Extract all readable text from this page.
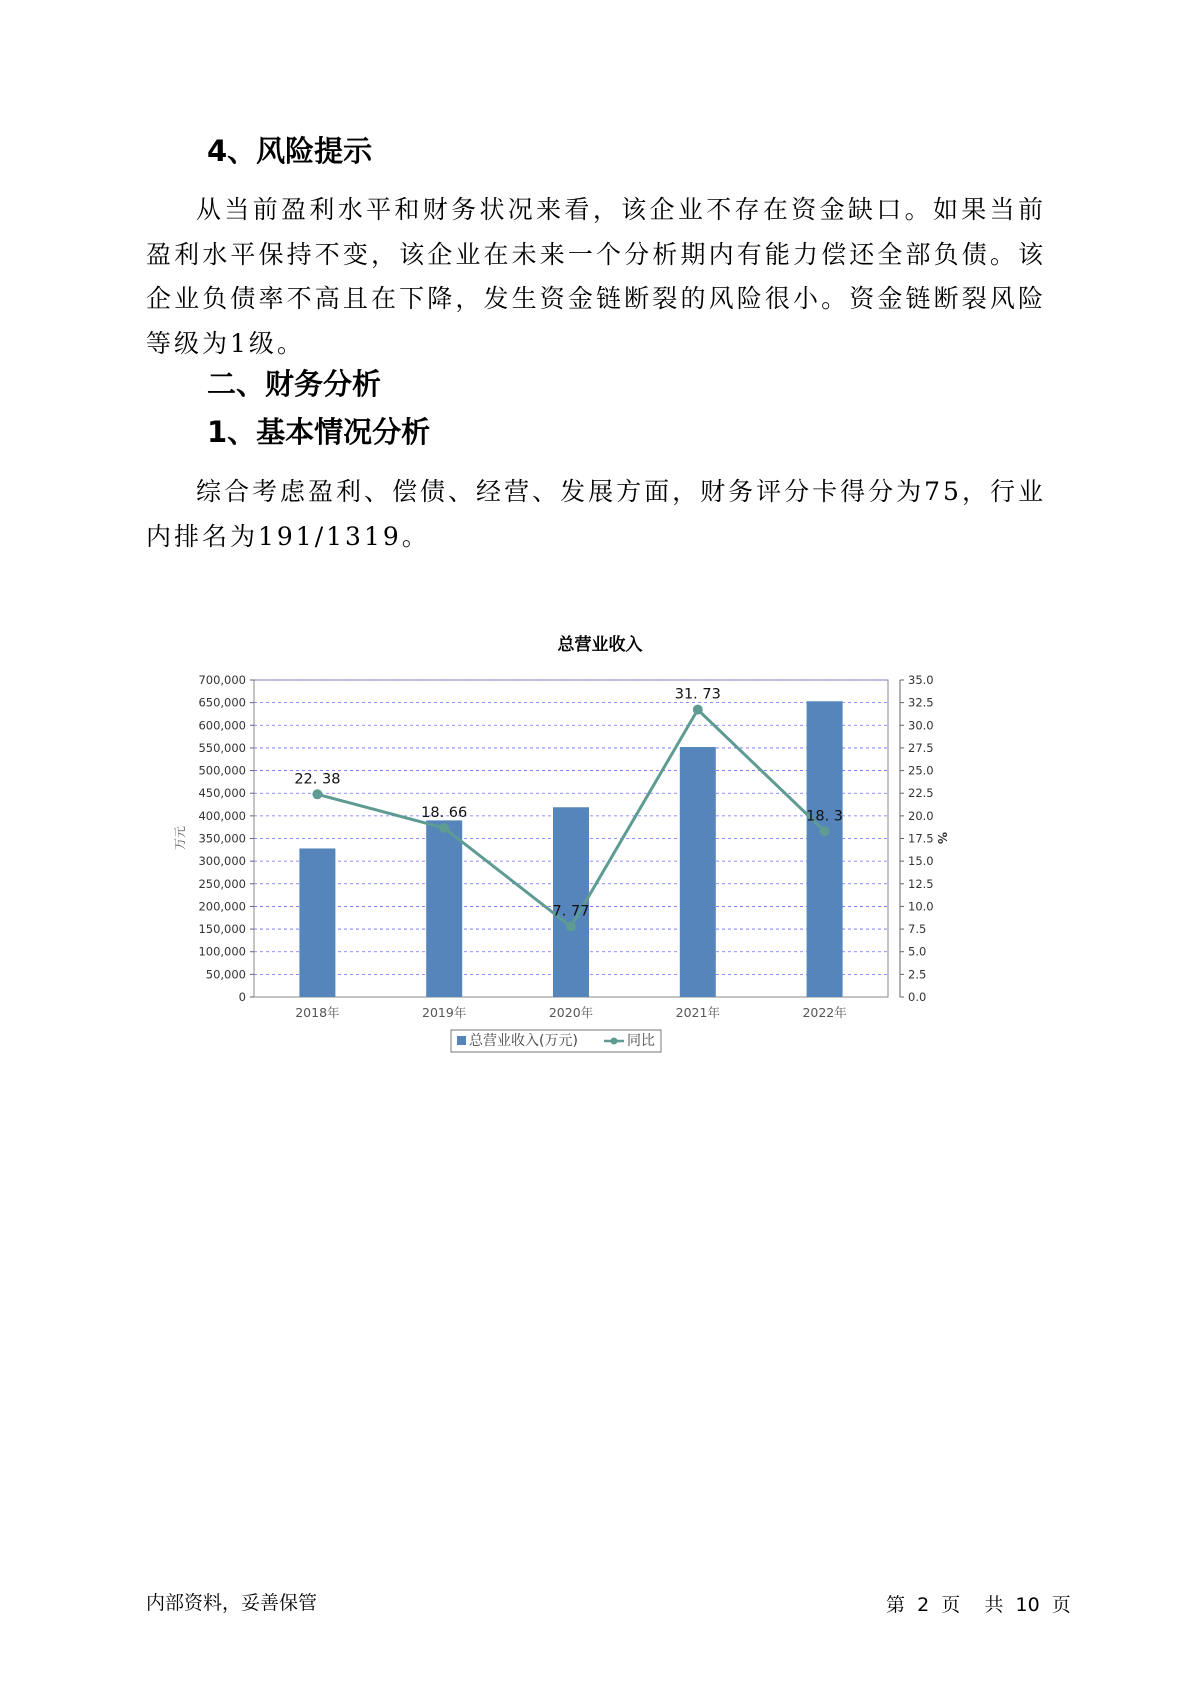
4、风险提示

从当前盈利水平和财务状况来看，该企业不存在资金缺口。如果当前盈利水平保持不变，该企业在未来一个分析期内有能力偿还全部负债。该企业负债率不高且在下降，发生资金链断裂的风险很小。资金链断裂风险等级为1级。

二、财务分析
1、基本情况分析

综合考虑盈利、偿债、经营、发展方面，财务评分卡得分为75，行业内排名为191/1319。

总营业收入
22. 38
18. 66
7. 77
31. 73
18. 3
0
50,000
100,000
150,000
200,000
250,000
300,000
350,000
400,000
450,000
500,000
550,000
600,000
650,000
700,000
0.0
2.5
5.0
7.5
10.0
12.5
15.0
17.5
20.0
22.5
25.0
27.5
30.0
32.5
35.0
2018年	2019年	2020年	2021年	2022年
万元	%
总营业收入(万元)	同比
内部资料，妥善保管	第  2  页    共  10  页
